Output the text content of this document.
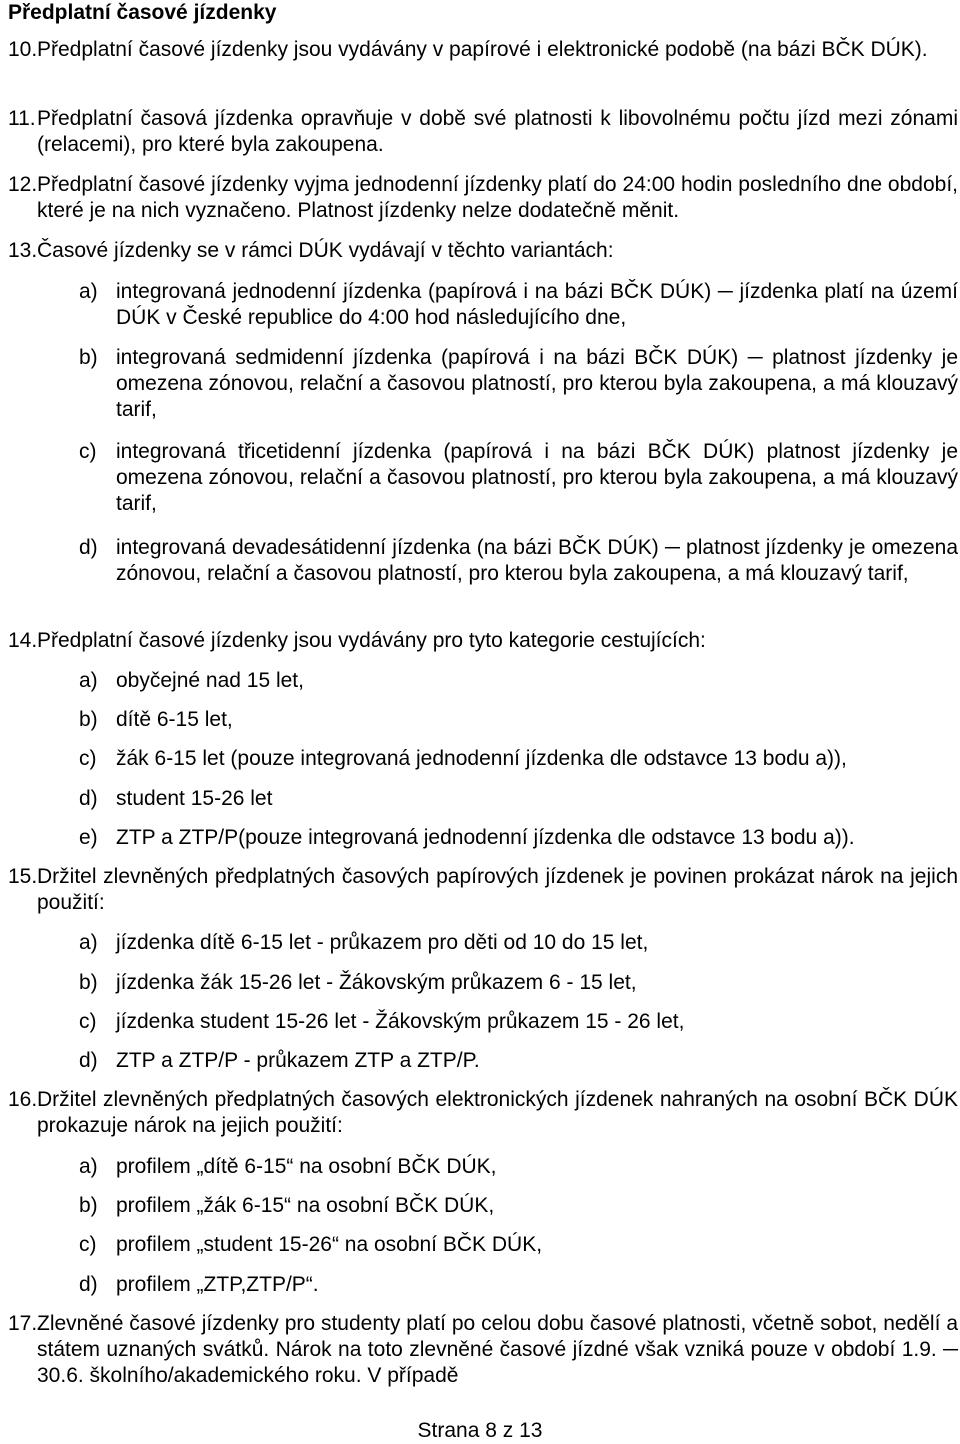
Předplatní časové jízdenky
10. Předplatní časové jízdenky jsou vydávány v papírové i elektronické podobě (na bázi BČK DÚK).
11. Předplatní časová jízdenka opravňuje v době své platnosti k libovolnému počtu jízd mezi zónami (relacemi), pro které byla zakoupena.
12. Předplatní časové jízdenky vyjma jednodenní jízdenky platí do 24:00 hodin posledního dne období, které je na nich vyznačeno. Platnost jízdenky nelze dodatečně měnit.
13. Časové jízdenky se v rámci DÚK vydávají v těchto variantách:
a) integrovaná jednodenní jízdenka (papírová i na bázi BČK DÚK) ─ jízdenka platí na území DÚK v České republice do 4:00 hod následujícího dne,
b) integrovaná sedmidenní jízdenka (papírová i na bázi BČK DÚK) ─ platnost jízdenky je omezena zónovou, relační a časovou platností, pro kterou byla zakoupena, a má klouzavý tarif,
c) integrovaná třicetidenní jízdenka (papírová i na bázi BČK DÚK) platnost jízdenky je omezena zónovou, relační a časovou platností, pro kterou byla zakoupena, a má klouzavý tarif,
d) integrovaná devadesátidenní jízdenka (na bázi BČK DÚK) ─ platnost jízdenky je omezena zónovou, relační a časovou platností, pro kterou byla zakoupena, a má klouzavý tarif,
14. Předplatní časové jízdenky jsou vydávány pro tyto kategorie cestujících:
a) obyčejné nad 15 let,
b) dítě 6-15 let,
c) žák 6-15 let (pouze integrovaná jednodenní jízdenka dle odstavce 13 bodu a)),
d) student 15-26 let
e) ZTP a ZTP/P(pouze integrovaná jednodenní jízdenka dle odstavce 13 bodu a)).
15. Držitel zlevněných předplatných časových papírových jízdenek je povinen prokázat nárok na jejich použití:
a) jízdenka dítě 6-15 let - průkazem pro děti od 10 do 15 let,
b) jízdenka žák 15-26 let - Žákovským průkazem 6 - 15 let,
c) jízdenka student 15-26 let - Žákovským průkazem 15 - 26 let,
d) ZTP a ZTP/P - průkazem ZTP a ZTP/P.
16. Držitel zlevněných předplatných časových elektronických jízdenek nahraných na osobní BČK DÚK prokazuje nárok na jejich použití:
a) profilem „dítě 6-15“ na osobní BČK DÚK,
b) profilem „žák 6-15“ na osobní BČK DÚK,
c) profilem „student 15-26“ na osobní BČK DÚK,
d) profilem „ZTP,ZTP/P“.
17. Zlevněné časové jízdenky pro studenty platí po celou dobu časové platnosti, včetně sobot, nedělí a státem uznaných svátků. Nárok na toto zlevněné časové jízdné však vzniká pouze v období 1.9. ─ 30.6. školního/akademického roku. V případě
Strana 8 z 13
